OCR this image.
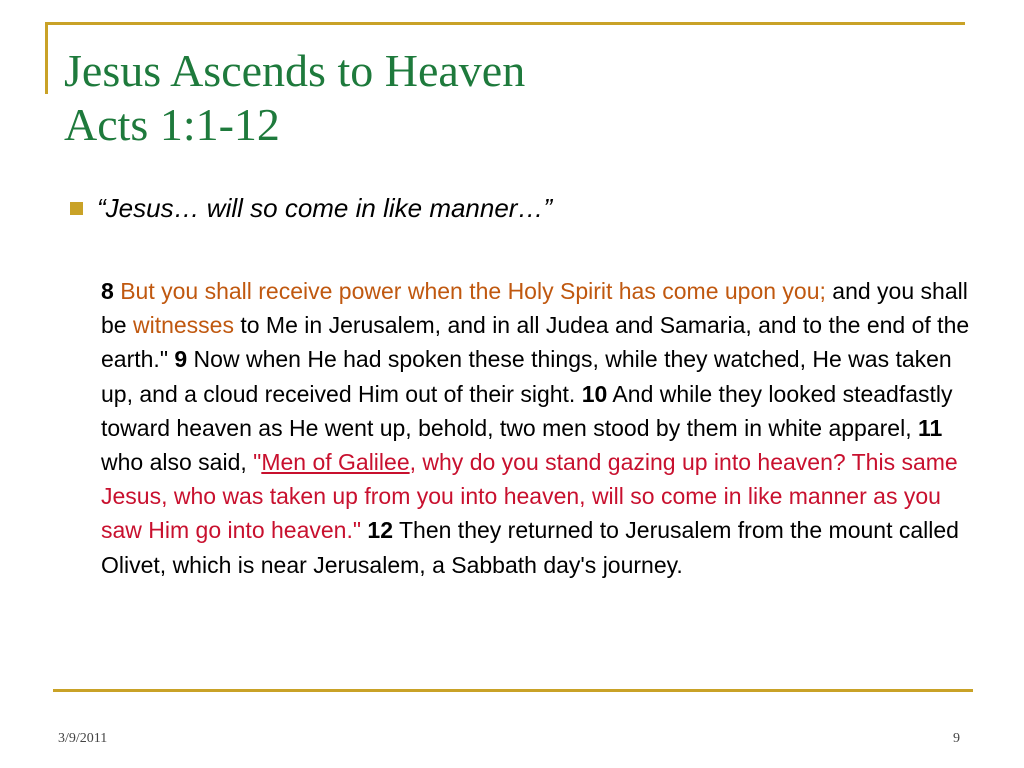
Jesus Ascends to Heaven
Acts 1:1-12
“Jesus… will so come in like manner…”

8 But you shall receive power when the Holy Spirit has come upon you; and you shall be witnesses to Me in Jerusalem, and in all Judea and Samaria, and to the end of the earth." 9 Now when He had spoken these things, while they watched, He was taken up, and a cloud received Him out of their sight. 10 And while they looked steadfastly toward heaven as He went up, behold, two men stood by them in white apparel, 11 who also said, "Men of Galilee, why do you stand gazing up into heaven? This same Jesus, who was taken up from you into heaven, will so come in like manner as you saw Him go into heaven." 12 Then they returned to Jerusalem from the mount called Olivet, which is near Jerusalem, a Sabbath day's journey.

3/9/2011	9
